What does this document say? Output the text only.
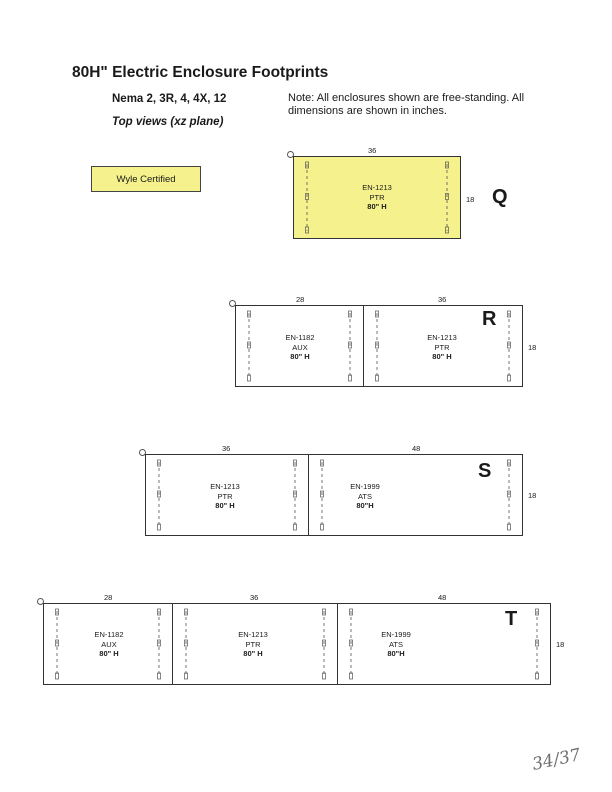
80H" Electric Enclosure Footprints
Nema 2, 3R, 4, 4X, 12
Top views (xz plane)
Note: All enclosures shown are free-standing. All dimensions are shown in inches.
Wyle Certified
36
EN-1213
PTR
80" H
18 Q
28	36
EN-1182
AUX
80" H
EN-1213
PTR
80" H
18
R
36	48
EN-1213
PTR
80" H
EN-1999
ATS
80"H
18
S
28	36	48
EN-1182
AUX
80" H
EN-1213
PTR
80" H
EN-1999
ATS
80"H
18
T
34/37
